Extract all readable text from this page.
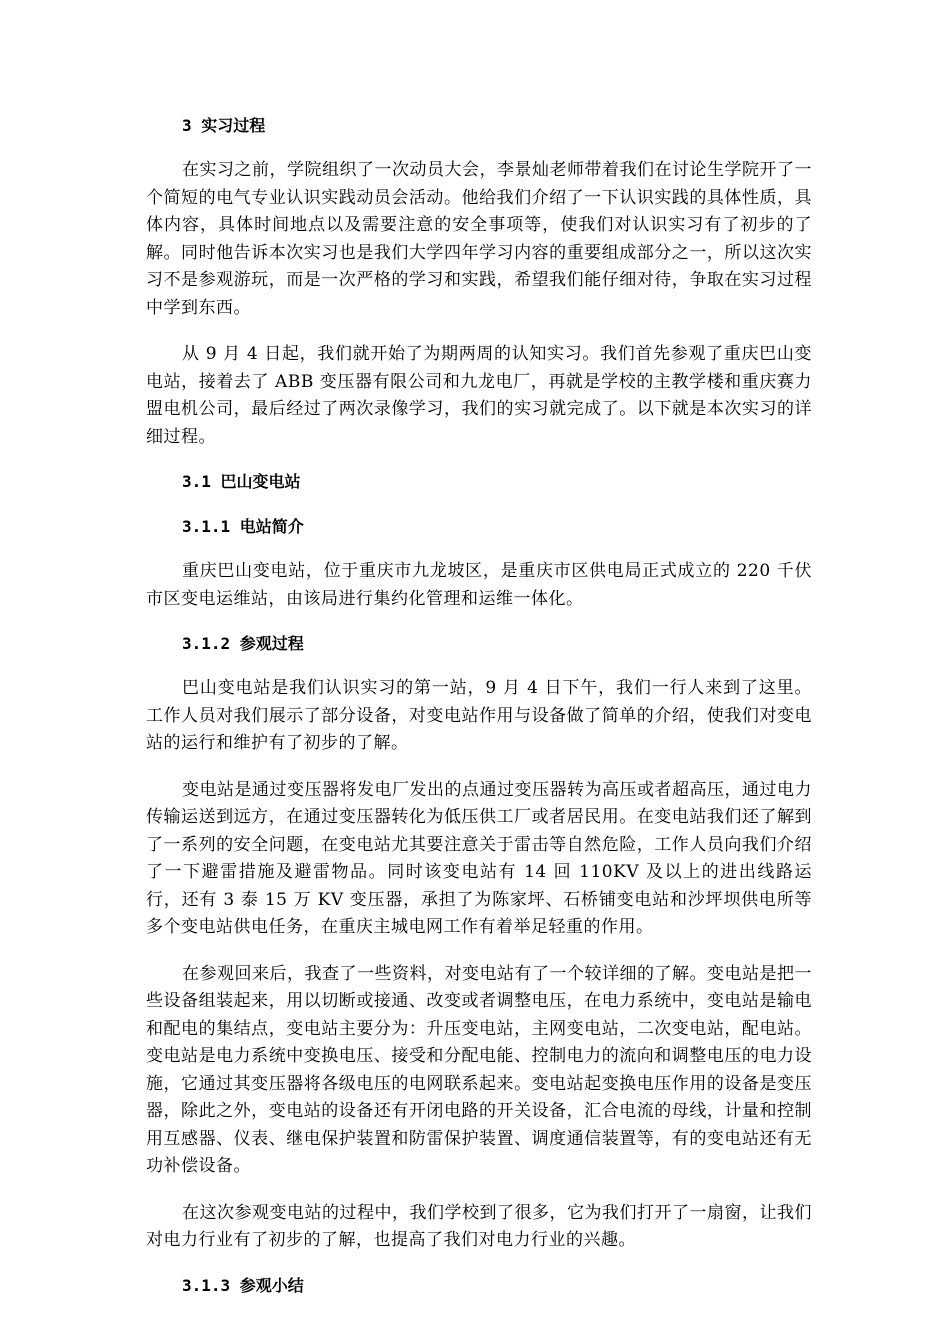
3 实习过程

在实习之前，学院组织了一次动员大会，李景灿老师带着我们在讨论生学院开了一个简短的电气专业认识实践动员会活动。他给我们介绍了一下认识实践的具体性质，具体内容，具体时间地点以及需要注意的安全事项等，使我们对认识实习有了初步的了解。同时他告诉本次实习也是我们大学四年学习内容的重要组成部分之一，所以这次实习不是参观游玩，而是一次严格的学习和实践，希望我们能仔细对待，争取在实习过程中学到东西。

从 9 月 4 日起，我们就开始了为期两周的认知实习。我们首先参观了重庆巴山变电站，接着去了 ABB 变压器有限公司和九龙电厂，再就是学校的主教学楼和重庆赛力盟电机公司，最后经过了两次录像学习，我们的实习就完成了。以下就是本次实习的详细过程。

3.1 巴山变电站
3.1.1 电站简介

重庆巴山变电站，位于重庆市九龙坡区，是重庆市区供电局正式成立的 220 千伏市区变电运维站，由该局进行集约化管理和运维一体化。

3.1.2 参观过程

巴山变电站是我们认识实习的第一站，9 月 4 日下午，我们一行人来到了这里。工作人员对我们展示了部分设备，对变电站作用与设备做了简单的介绍，使我们对变电站的运行和维护有了初步的了解。

变电站是通过变压器将发电厂发出的点通过变压器转为高压或者超高压，通过电力传输运送到远方，在通过变压器转化为低压供工厂或者居民用。在变电站我们还了解到了一系列的安全问题，在变电站尤其要注意关于雷击等自然危险，工作人员向我们介绍了一下避雷措施及避雷物品。同时该变电站有 14 回 110KV 及以上的进出线路运行，还有 3 泰 15 万 KV 变压器，承担了为陈家坪、石桥铺变电站和沙坪坝供电所等多个变电站供电任务，在重庆主城电网工作有着举足轻重的作用。

在参观回来后，我查了一些资料，对变电站有了一个较详细的了解。变电站是把一些设备组装起来，用以切断或接通、改变或者调整电压，在电力系统中，变电站是输电和配电的集结点，变电站主要分为：升压变电站，主网变电站，二次变电站，配电站。变电站是电力系统中变换电压、接受和分配电能、控制电力的流向和调整电压的电力设施，它通过其变压器将各级电压的电网联系起来。变电站起变换电压作用的设备是变压器，除此之外，变电站的设备还有开闭电路的开关设备，汇合电流的母线，计量和控制用互感器、仪表、继电保护装置和防雷保护装置、调度通信装置等，有的变电站还有无功补偿设备。

在这次参观变电站的过程中，我们学校到了很多，它为我们打开了一扇窗，让我们对电力行业有了初步的了解，也提高了我们对电力行业的兴趣。

3.1.3 参观小结
